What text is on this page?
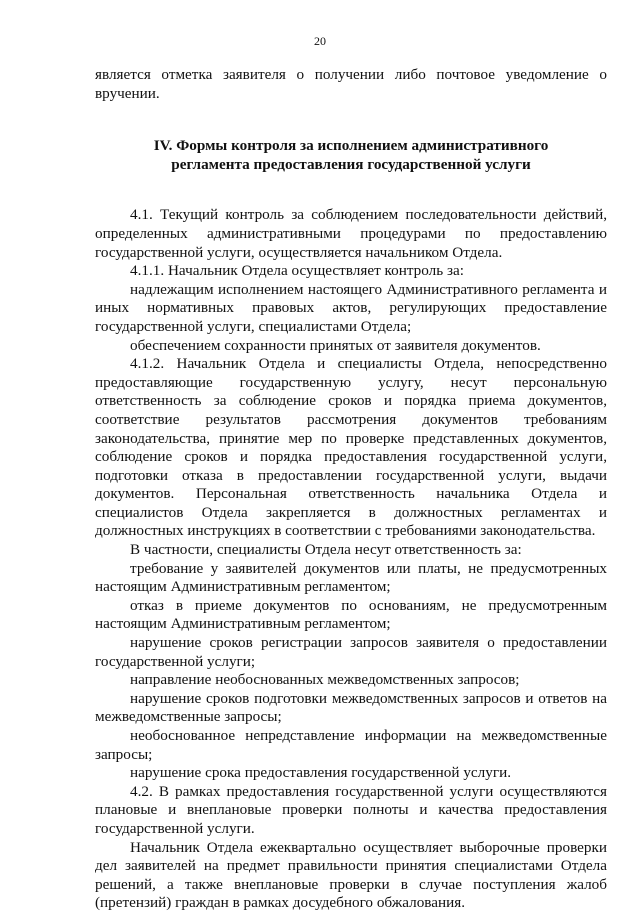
20

является отметка заявителя о получении либо почтовое уведомление о вручении.

IV. Формы контроля за исполнением административного
регламента предоставления государственной услуги

4.1. Текущий контроль за соблюдением последовательности действий, определенных административными процедурами по предоставлению государственной услуги, осуществляется начальником Отдела.

4.1.1. Начальник Отдела осуществляет контроль за:

надлежащим исполнением настоящего Административного регламента и иных нормативных правовых актов, регулирующих предоставление государственной услуги, специалистами Отдела;

обеспечением сохранности принятых от заявителя документов.

4.1.2. Начальник Отдела и специалисты Отдела, непосредственно предоставляющие государственную услугу, несут персональную ответственность за соблюдение сроков и порядка приема документов, соответствие результатов рассмотрения документов требованиям законодательства, принятие мер по проверке представленных документов, соблюдение сроков и порядка предоставления государственной услуги, подготовки отказа в предоставлении государственной услуги, выдачи документов. Персональная ответственность начальника Отдела и специалистов Отдела закрепляется в должностных регламентах и должностных инструкциях в соответствии с требованиями законодательства.

В частности, специалисты Отдела несут ответственность за:

требование у заявителей документов или платы, не предусмотренных настоящим Административным регламентом;

отказ в приеме документов по основаниям, не предусмотренным настоящим Административным регламентом;

нарушение сроков регистрации запросов заявителя о предоставлении государственной услуги;

направление необоснованных межведомственных запросов;

нарушение сроков подготовки межведомственных запросов и ответов на межведомственные запросы;

необоснованное непредставление информации на межведомственные запросы;

нарушение срока предоставления государственной услуги.

4.2. В рамках предоставления государственной услуги осуществляются плановые и внеплановые проверки полноты и качества предоставления государственной услуги.

Начальник Отдела ежеквартально осуществляет выборочные проверки дел заявителей на предмет правильности принятия специалистами Отдела решений, а также внеплановые проверки в случае поступления жалоб (претензий) граждан в рамках досудебного обжалования.
